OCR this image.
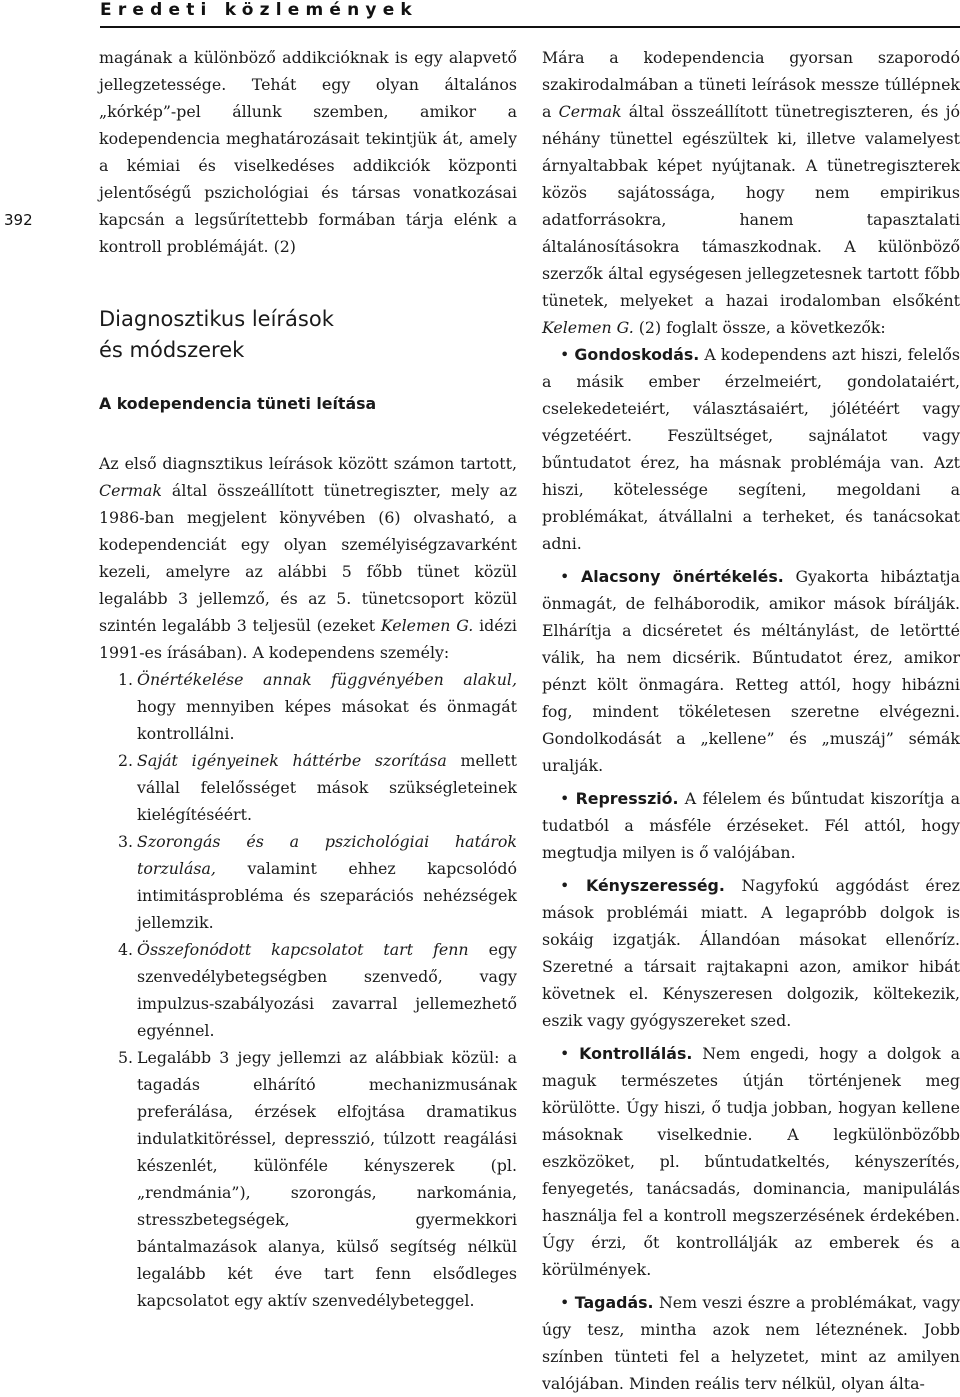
Eredeti közlemények
392

magának a különböző addikcióknak is egy alapvető jellegzetessége. Tehát egy olyan általános „kórkép”-pel állunk szemben, amikor a kodependencia meghatározásait tekintjük át, amely a kémiai és viselkedéses addikciók központi jelentőségű pszichológiai és társas vonatkozásai kapcsán a legsűrítettebb formában tárja elénk a kontroll problémáját. (2)

Diagnosztikus leírások és módszerek
A kodependencia tüneti leítása

Az első diagnsztikus leírások között számon tartott, Cermak által összeállított tünetregiszter, mely az 1986-ban megjelent könyvében (6) olvasható, a kodependenciát egy olyan személyiségzavarként kezeli, amelyre az alábbi 5 főbb tünet közül legalább 3 jellemző, és az 5. tünetcsoport közül szintén legalább 3 teljesül (ezeket Kelemen G. idézi 1991-es írásában). A kodependens személy:

1. Önértékelése annak függvényében alakul, hogy mennyiben képes másokat és önmagát kontrollálni.
2. Saját igényeinek háttérbe szorítása mellett vállal felelősséget mások szükségleteinek kielégítéséért.
3. Szorongás és a pszichológiai határok torzulása, valamint ehhez kapcsolódó intimitásprobléma és szeparációs nehézségek jellemzik.
4. Összefonódott kapcsolatot tart fenn egy szenvedélybetegségben szenvedő, vagy impulzus-szabályozási zavarral jellemezhető egyénnel.
5. Legalább 3 jegy jellemzi az alábbiak közül: a tagadás elhárító mechanizmusának preferálása, érzések elfojtása dramatikus indulatkitöréssel, depresszió, túlzott reagálási készenlét, különféle kényszerek (pl. „rendmánia”), szorongás, narkománia, stresszbetegségek, gyermekkori bántalmazások alanya, külső segítség nélkül legalább két éve tart fenn elsődleges kapcsolatot egy aktív szenvedélybeteggel.

Mára a kodependencia gyorsan szaporodó szakirodalmában a tüneti leírások messze túllépnek a Cermak által összeállított tünetregiszteren, és jó néhány tünettel egészültek ki, illetve valamelyest árnyaltabbak képet nyújtanak. A tünetregiszterek közös sajátossága, hogy nem empirikus adatforrásokra, hanem tapasztalati általánosításokra támaszkodnak. A különböző szerzők által egységesen jellegzetesnek tartott főbb tünetek, melyeket a hazai irodalomban elsőként Kelemen G. (2) foglalt össze, a következők:

• Gondoskodás. A kodependens azt hiszi, felelős a másik ember érzelmeiért, gondolataiért, cselekedeteiért, választásaiért, jólétéért vagy végzetéért. Feszültséget, sajnálatot vagy bűntudatot érez, ha másnak problémája van. Azt hiszi, kötelessége segíteni, megoldani a problémákat, átvállalni a terheket, és tanácsokat adni.

• Alacsony önértékelés. Gyakorta hibáztatja önmagát, de felháborodik, amikor mások bírálják. Elhárítja a dicséretet és méltánylást, de letörtté válik, ha nem dicsérik. Bűntudatot érez, amikor pénzt költ önmagára. Retteg attól, hogy hibázni fog, mindent tökéletesen szeretne elvégezni. Gondolkodását a „kellene” és „muszáj” sémák uralják.

• Represszió. A félelem és bűntudat kiszorítja a tudatból a másféle érzéseket. Fél attól, hogy megtudja milyen is ő valójában.

• Kényszeresség. Nagyfokú aggódást érez mások problémái miatt. A legapróbb dolgok is sokáig izgatják. Állandóan másokat ellenőríz. Szeretné a társait rajtakapni azon, amikor hibát követnek el. Kényszeresen dolgozik, költekezik, eszik vagy gyógyszereket szed.

• Kontrollálás. Nem engedi, hogy a dolgok a maguk természetes útján történjenek meg körülötte. Úgy hiszi, ő tudja jobban, hogyan kellene másoknak viselkednie. A legkülönbözőbb eszközöket, pl. bűntudatkeltés, kényszerítés, fenyegetés, tanácsadás, dominancia, manipulálás használja fel a kontroll megszerzésének érdekében. Úgy érzi, őt kontrollálják az emberek és a körülmények.

• Tagadás. Nem veszi észre a problémákat, vagy úgy tesz, mintha azok nem léteznének. Jobb színben tünteti fel a helyzetet, mint az amilyen valójában. Minden reális terv nélkül, olyan álta-
